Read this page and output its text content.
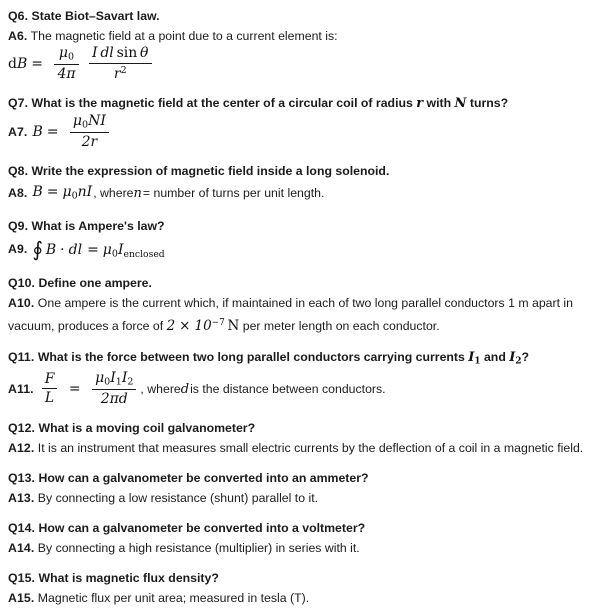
Q6. State Biot–Savart law.
A6. The magnetic field at a point due to a current element is:
dB = $\frac{\mu_0}{4\pi}$
$\frac{\text{I dl sin θ}}{r^2}$
Q7. What is the magnetic field at the center of a circular coil of radius r with N turns?
A7. $B = \frac{\mu_0NI}{2r}$
Q8. Write the expression of magnetic field inside a long solenoid.
A8. $B = \mu_0nI$ , where n = number of turns per unit length.
Q9. What is Ampere's law?
A9. ∮ B · dl = $\mu_0Ienclosed$
Q10. Define one ampere.
A10. One ampere is the current which, if maintained in each of two long parallel conductors 1 m apart in
vacuum, produces a force of $2 \times 10^{-7}$  N per meter length on each conductor.
Q11. What is the force between two long parallel conductors carrying currents $I_1$ and $I_2$?
A11. $\frac{F}{L} = \frac{\mu_0I_1I_2}{2\pi d}$ , where d is the distance between conductors.
Q12. What is a moving coil galvanometer?
A12. It is an instrument that measures small electric currents by the deflection of a coil in a magnetic field.
Q13. How can a galvanometer be converted into an ammeter?
A13. By connecting a low resistance (shunt) parallel to it.
Q14. How can a galvanometer be converted into a voltmeter?
A14. By connecting a high resistance (multiplier) in series with it.
Q15. What is magnetic flux density?
A15. Magnetic flux per unit area; measured in tesla (T).
